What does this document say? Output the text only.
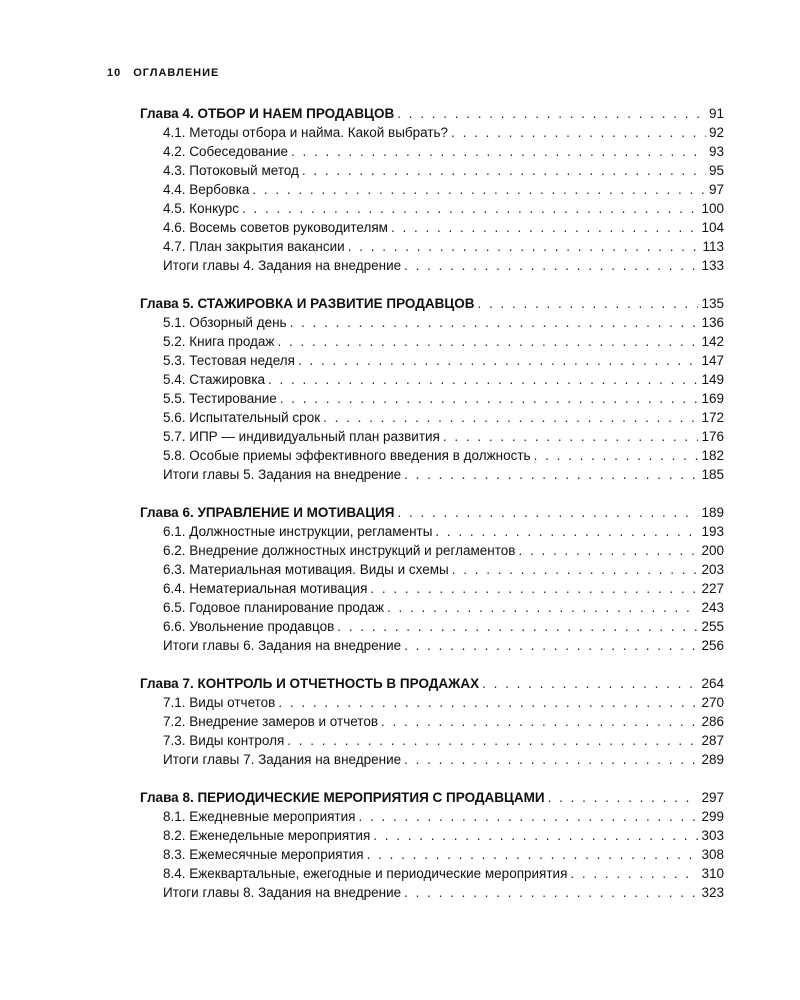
10 ОГЛАВЛЕНИЕ
Глава 4. ОТБОР И НАЕМ ПРОДАВЦОВ . . .	91
4.1. Методы отбора и найма. Какой выбрать? . . .	92
4.2. Собеседование . . .	93
4.3. Потоковый метод . . .	95
4.4. Вербовка . . .	97
4.5. Конкурс . . .	100
4.6. Восемь советов руководителям . . .	104
4.7. План закрытия вакансии . . .	113
Итоги главы 4. Задания на внедрение . . .	133
Глава 5. СТАЖИРОВКА И РАЗВИТИЕ ПРОДАВЦОВ . . .	135
5.1. Обзорный день . . .	136
5.2. Книга продаж . . .	142
5.3. Тестовая неделя . . .	147
5.4. Стажировка . . .	149
5.5. Тестирование . . .	169
5.6. Испытательный срок . . .	172
5.7. ИПР — индивидуальный план развития . . .	176
5.8. Особые приемы эффективного введения в должность . . .	182
Итоги главы 5. Задания на внедрение . . .	185
Глава 6. УПРАВЛЕНИЕ И МОТИВАЦИЯ . . .	189
6.1. Должностные инструкции, регламенты . . .	193
6.2. Внедрение должностных инструкций и регламентов . . .	200
6.3. Материальная мотивация. Виды и схемы . . .	203
6.4. Нематериальная мотивация . . .	227
6.5. Годовое планирование продаж . . .	243
6.6. Увольнение продавцов . . .	255
Итоги главы 6. Задания на внедрение . . .	256
Глава 7. КОНТРОЛЬ И ОТЧЕТНОСТЬ В ПРОДАЖАХ . . .	264
7.1. Виды отчетов . . .	270
7.2. Внедрение замеров и отчетов . . .	286
7.3. Виды контроля . . .	287
Итоги главы 7. Задания на внедрение . . .	289
Глава 8. ПЕРИОДИЧЕСКИЕ МЕРОПРИЯТИЯ С ПРОДАВЦАМИ . . .	297
8.1. Ежедневные мероприятия . . .	299
8.2. Еженедельные мероприятия . . .	303
8.3. Ежемесячные мероприятия . . .	308
8.4. Ежеквартальные, ежегодные и периодические мероприятия . . .	310
Итоги главы 8. Задания на внедрение . . .	323
